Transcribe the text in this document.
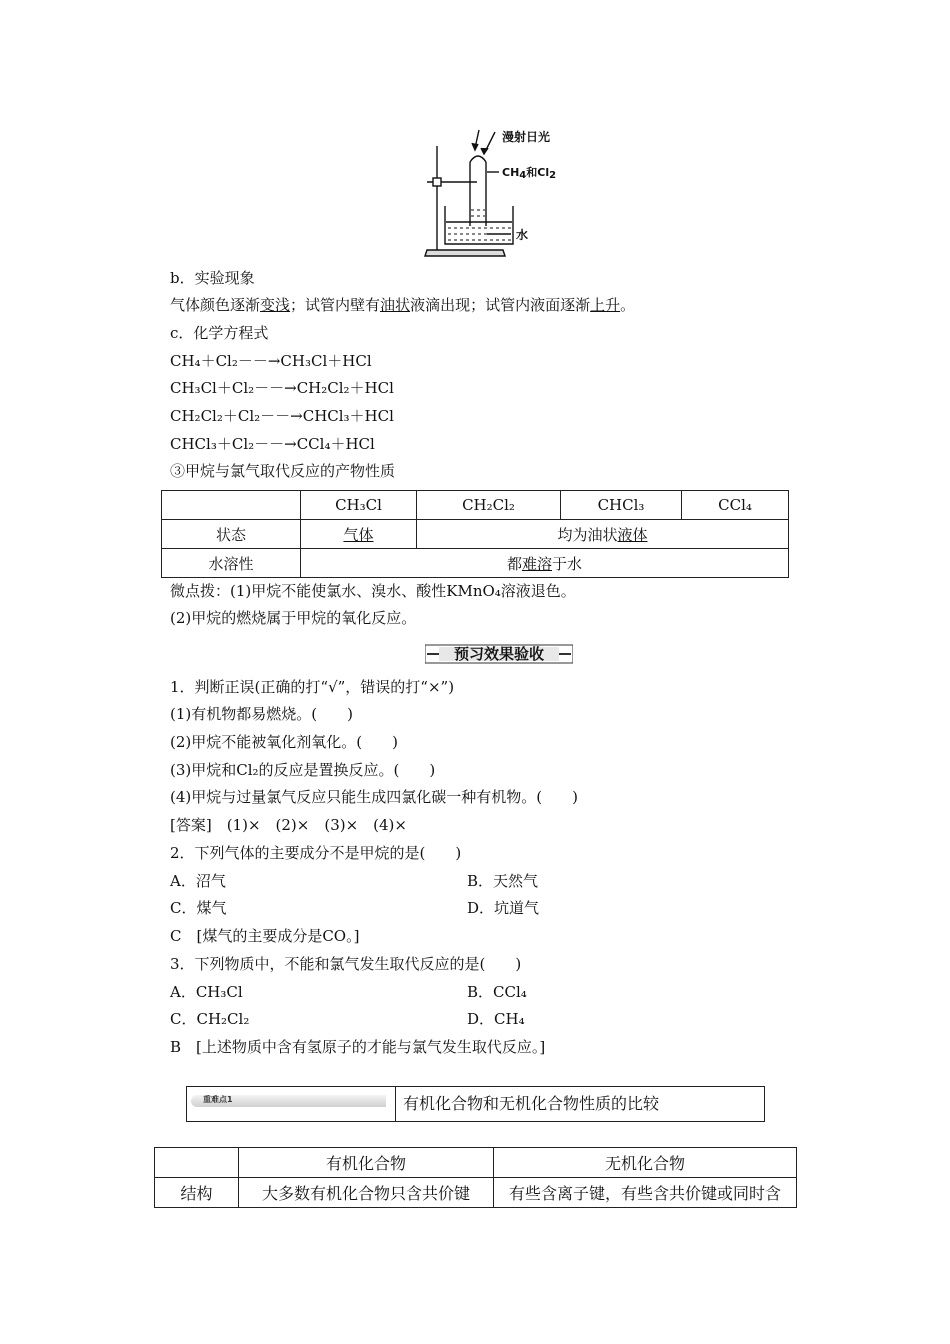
漫射日光
$CH_4$和$Cl_2$
水
b．实验现象
气体颜色逐渐变浅；试管内壁有油状液滴出现；试管内液面逐渐上升。
c．化学方程式
CH₄＋Cl₂－－→CH₃Cl＋HCl
CH₃Cl＋Cl₂－－→CH₂Cl₂＋HCl
CH₂Cl₂＋Cl₂－－→CHCl₃＋HCl
CHCl₃＋Cl₂－－→CCl₄＋HCl
③甲烷与氯气取代反应的产物性质
	CH₃Cl	CH₂Cl₂	CHCl₃	CCl₄
状态	气体	均为油状液体		
水溶性	都难溶于水			
微点拨：(1)甲烷不能使氯水、溴水、酸性KMnO₄溶液退色。
(2)甲烷的燃烧属于甲烷的氧化反应。
预习效果验收
1．判断正误(正确的打“√”，错误的打“×”)
(1)有机物都易燃烧。(　　)
(2)甲烷不能被氧化剂氧化。(　　)
(3)甲烷和Cl₂的反应是置换反应。(　　)
(4)甲烷与过量氯气反应只能生成四氯化碳一种有机物。(　　)
[答案]　(1)×　(2)×　(3)×　(4)×
2．下列气体的主要成分不是甲烷的是(　　)
A．沼气	B．天然气
C．煤气	D．坑道气
C　[煤气的主要成分是CO。]
3．下列物质中，不能和氯气发生取代反应的是(　　)
A．CH₃Cl	B．CCl₄
C．CH₂Cl₂	D．CH₄
B　[上述物质中含有氢原子的才能与氯气发生取代反应。]
重难点1	有机化合物和无机化合物性质的比较
	有机化合物	无机化合物
结构	大多数有机化合物只含共价键	有些含离子键，有些含共价键或同时含
